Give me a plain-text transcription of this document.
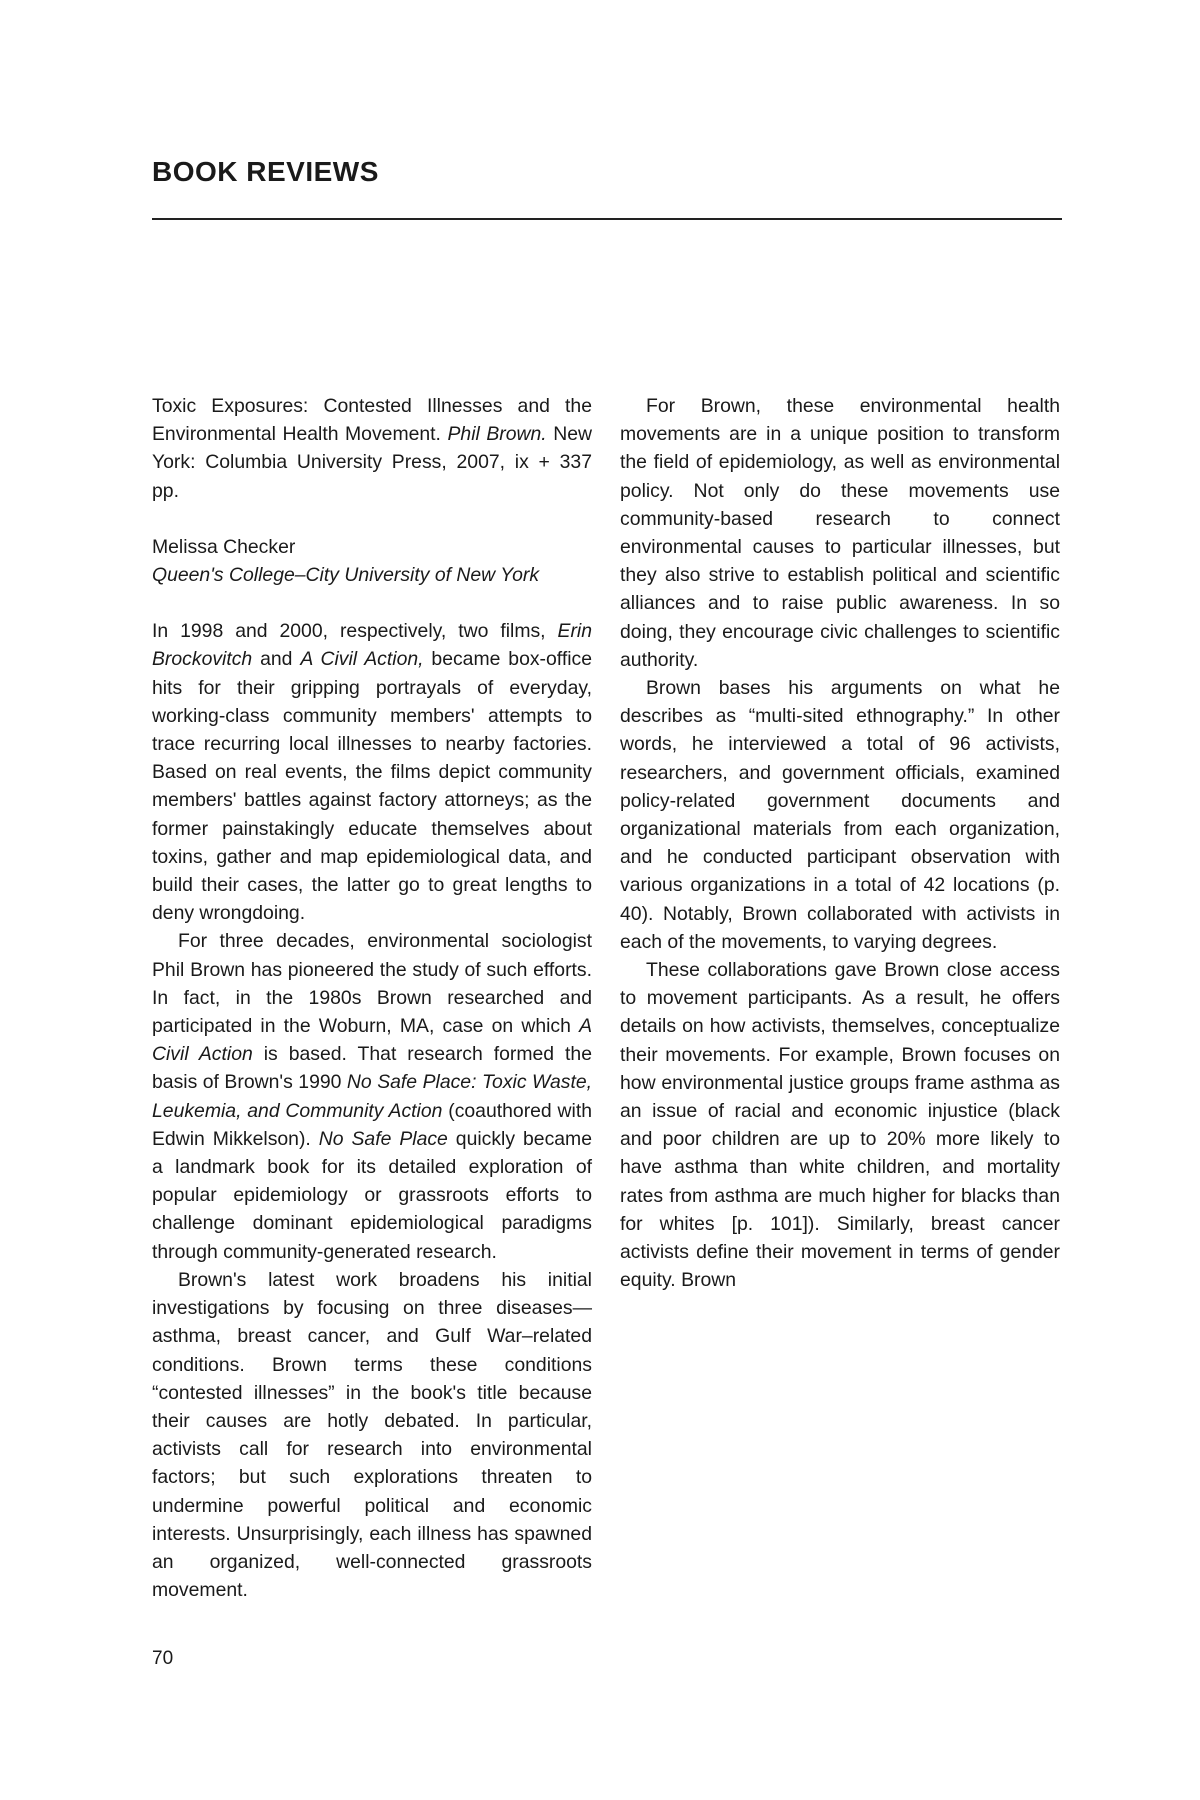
BOOK REVIEWS

Toxic Exposures: Contested Illnesses and the Environmental Health Movement. Phil Brown. New York: Columbia University Press, 2007, ix + 337 pp.

Melissa Checker

Queen's College–City University of New York

In 1998 and 2000, respectively, two films, Erin Brockovitch and A Civil Action, became box-office hits for their gripping portrayals of everyday, working-class community members' attempts to trace recurring local illnesses to nearby factories. Based on real events, the films depict community members' battles against factory attorneys; as the former painstakingly educate themselves about toxins, gather and map epidemiological data, and build their cases, the latter go to great lengths to deny wrongdoing.

For three decades, environmental sociologist Phil Brown has pioneered the study of such efforts. In fact, in the 1980s Brown researched and participated in the Woburn, MA, case on which A Civil Action is based. That research formed the basis of Brown's 1990 No Safe Place: Toxic Waste, Leukemia, and Community Action (coauthored with Edwin Mikkelson). No Safe Place quickly became a landmark book for its detailed exploration of popular epidemiology or grassroots efforts to challenge dominant epidemiological paradigms through community-generated research.

Brown's latest work broadens his initial investigations by focusing on three diseases—asthma, breast cancer, and Gulf War–related conditions. Brown terms these conditions “contested illnesses” in the book's title because their causes are hotly debated. In particular, activists call for research into environmental factors; but such explorations threaten to undermine powerful political and economic interests. Unsurprisingly, each illness has spawned an organized, well-connected grassroots movement.

For Brown, these environmental health movements are in a unique position to transform the field of epidemiology, as well as environmental policy. Not only do these movements use community-based research to connect environmental causes to particular illnesses, but they also strive to establish political and scientific alliances and to raise public awareness. In so doing, they encourage civic challenges to scientific authority.

Brown bases his arguments on what he describes as “multi-sited ethnography.” In other words, he interviewed a total of 96 activists, researchers, and government officials, examined policy-related government documents and organizational materials from each organization, and he conducted participant observation with various organizations in a total of 42 locations (p. 40). Notably, Brown collaborated with activists in each of the movements, to varying degrees.

These collaborations gave Brown close access to movement participants. As a result, he offers details on how activists, themselves, conceptualize their movements. For example, Brown focuses on how environmental justice groups frame asthma as an issue of racial and economic injustice (black and poor children are up to 20% more likely to have asthma than white children, and mortality rates from asthma are much higher for blacks than for whites [p. 101]). Similarly, breast cancer activists define their movement in terms of gender equity. Brown

70
